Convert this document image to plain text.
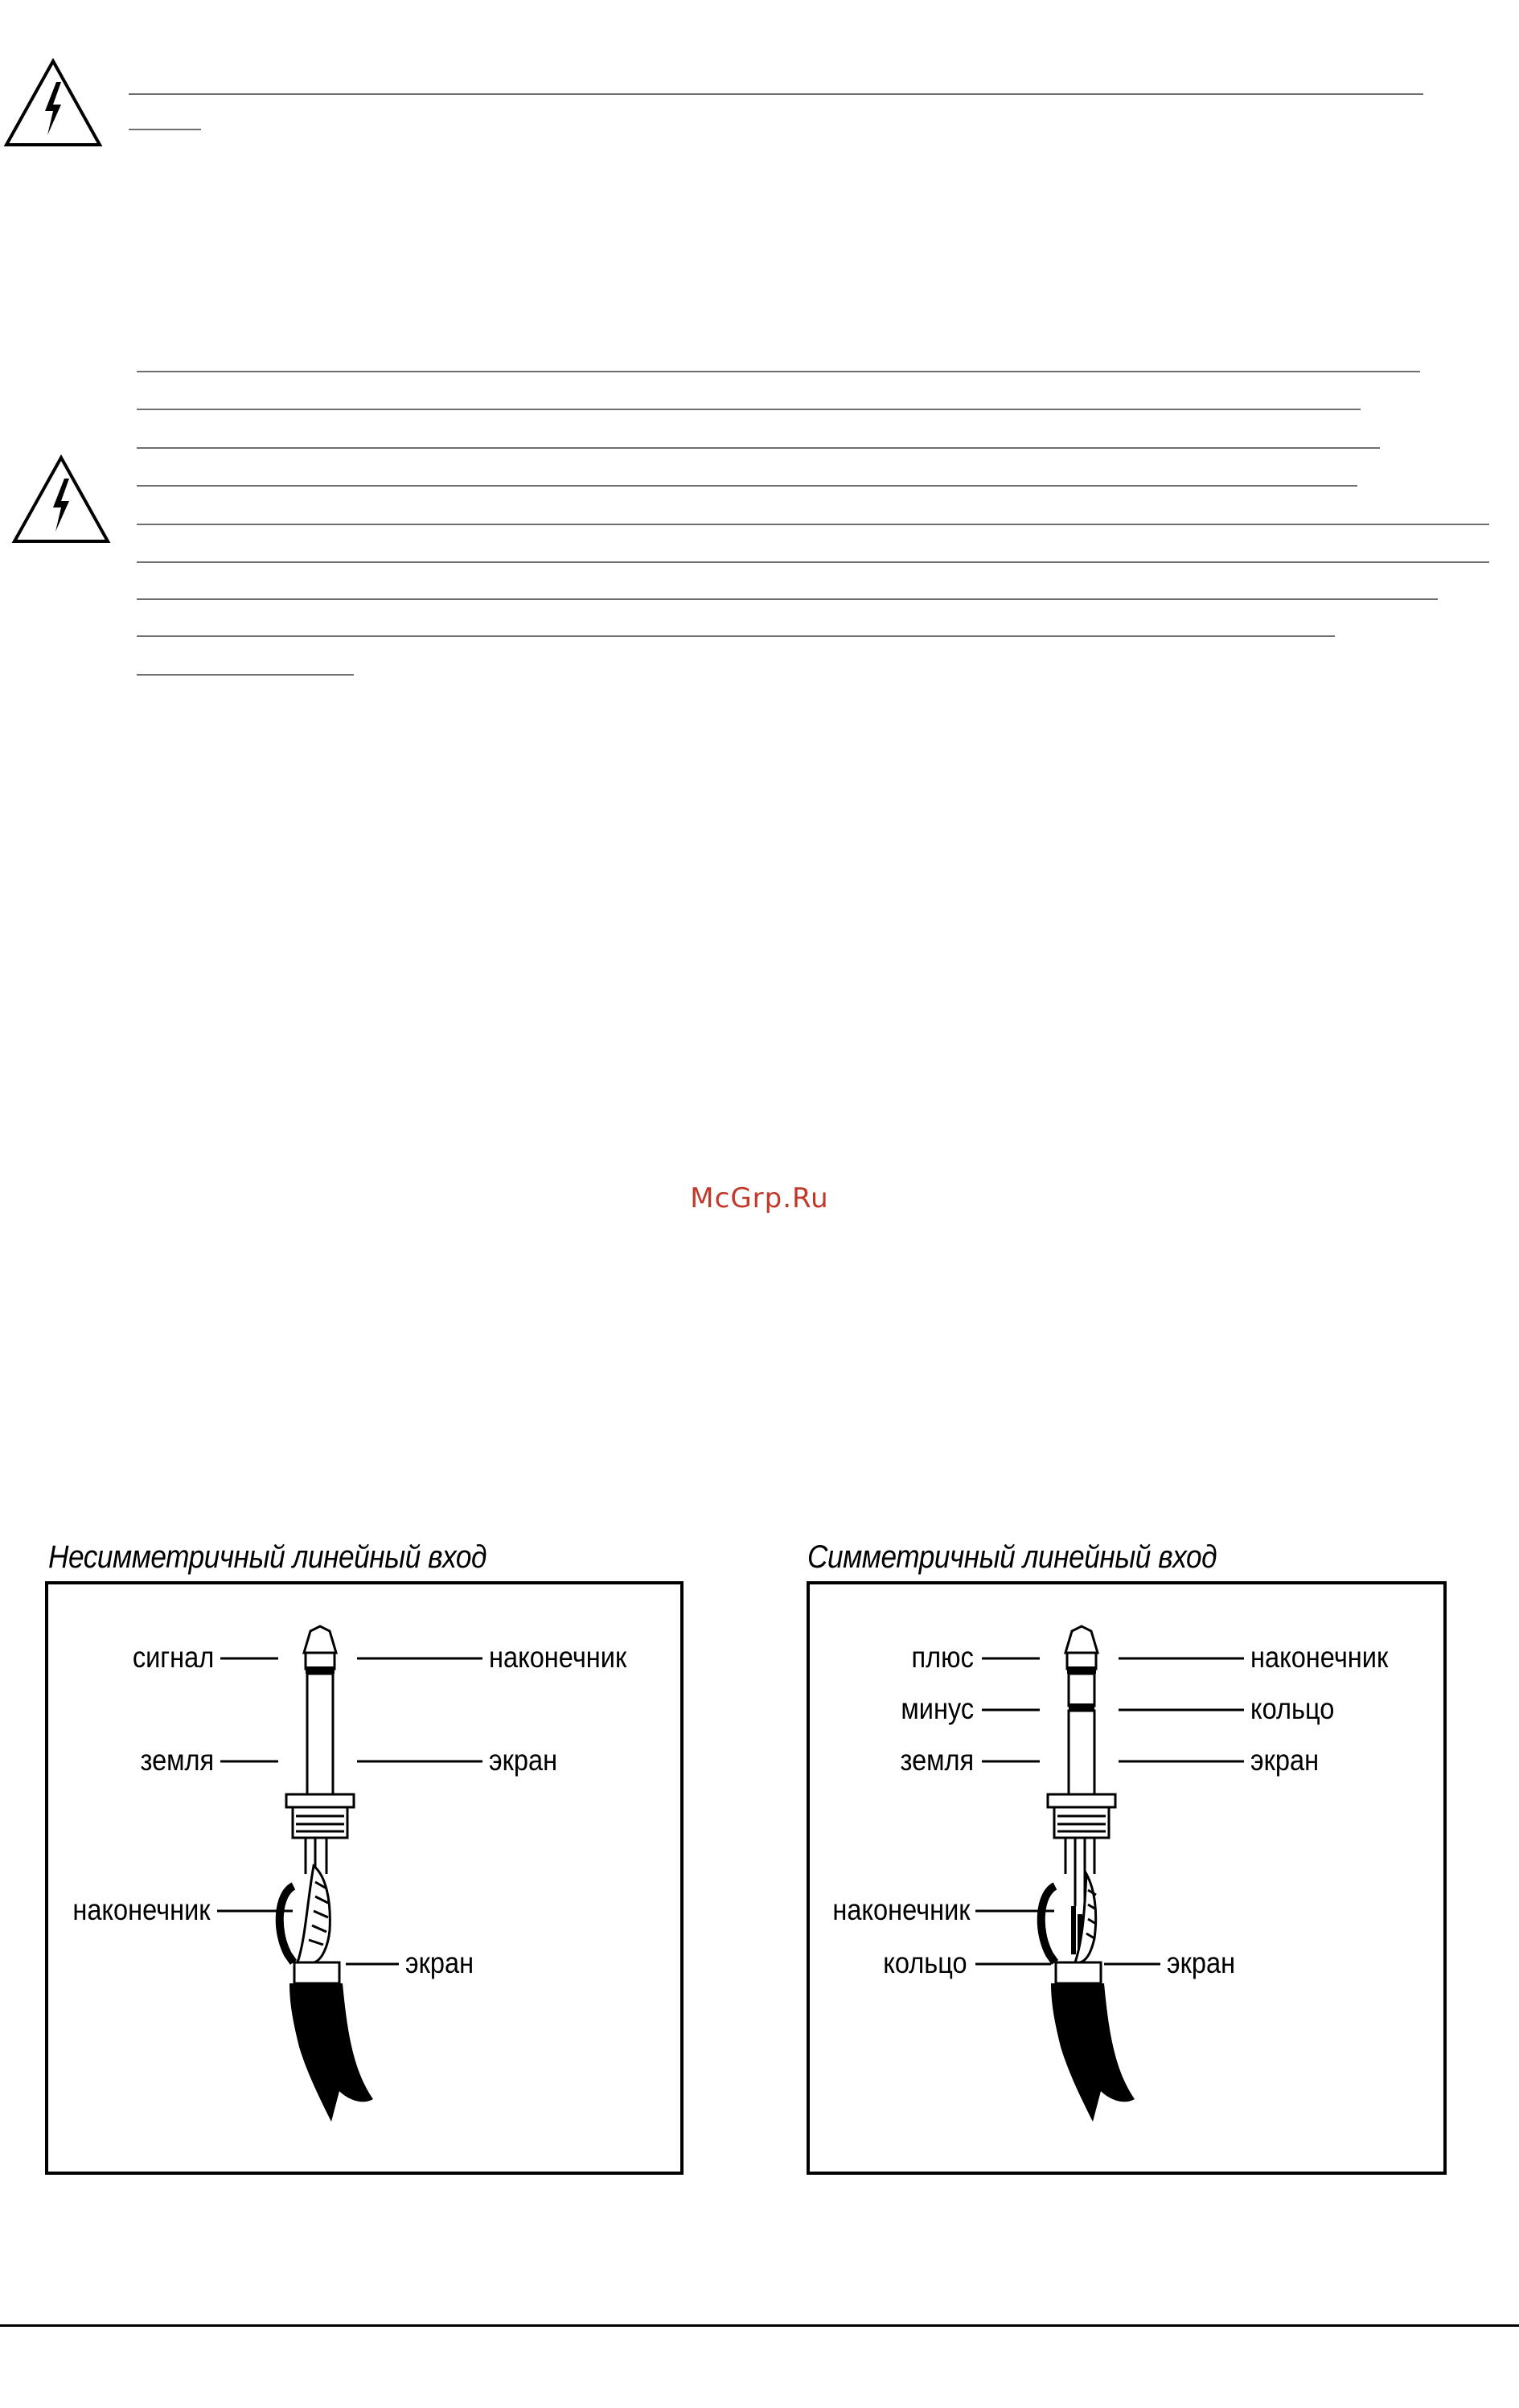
McGrp.Ru
Несимметричный линейный вход
сигнал	наконечник
земля	экран
наконечник
экран
Симметричный линейный вход
плюс	наконечник
минус	кольцо
земля	экран
наконечник
кольцо	экран
